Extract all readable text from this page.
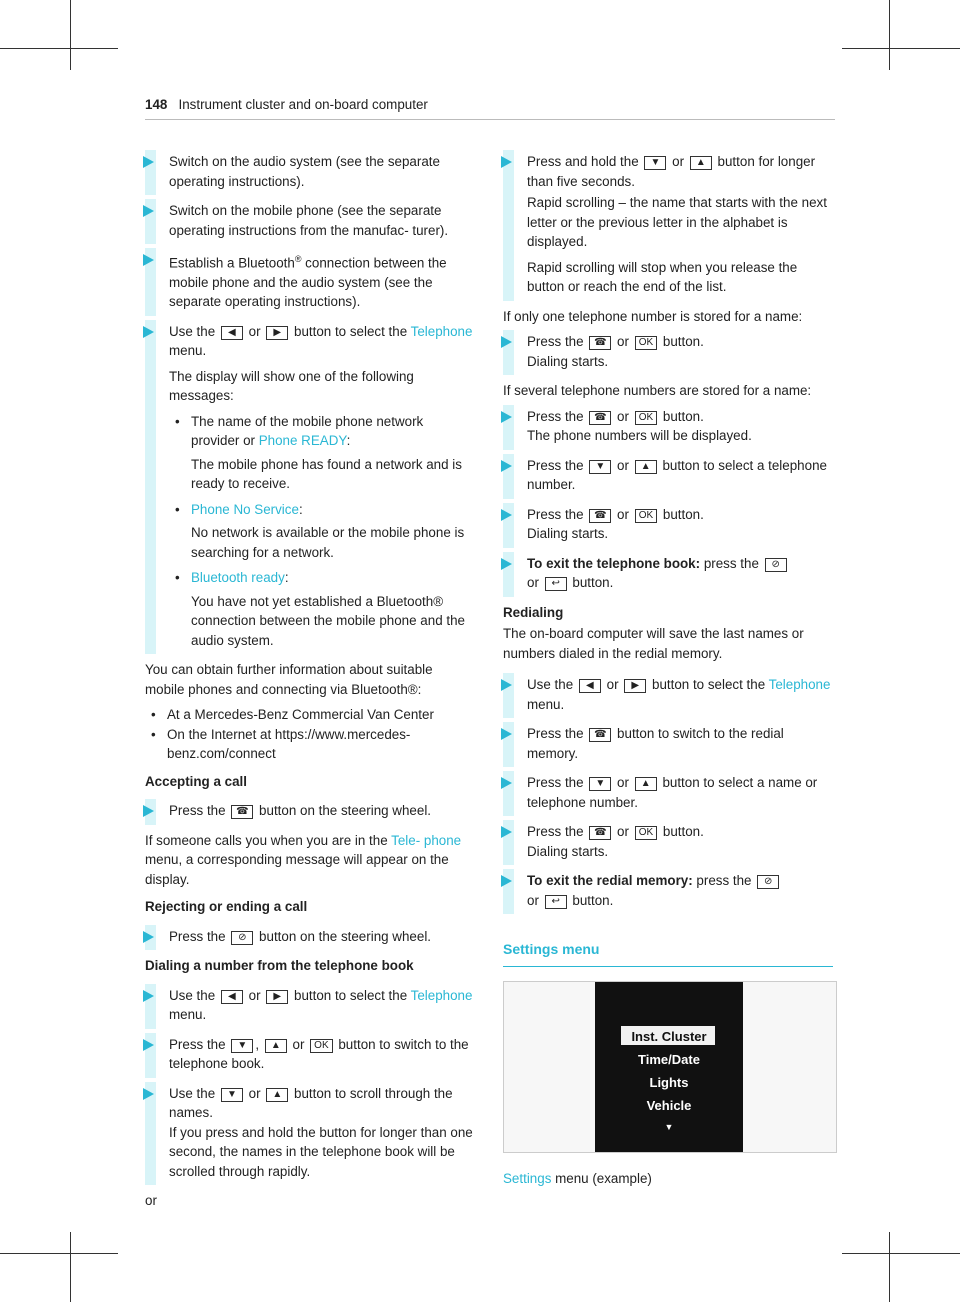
148 Instrument cluster and on-board computer
Switch on the audio system (see the separate operating instructions).
Switch on the mobile phone (see the separate operating instructions from the manufac- turer).
Establish a Bluetooth® connection between the mobile phone and the audio system (see the separate operating instructions).

Use the ◀ or ▶ button to select the Telephone menu.

The display will show one of the following messages:

• The name of the mobile phone network provider or Phone READY:

The mobile phone has found a network and is ready to receive.

• Phone No Service:

No network is available or the mobile phone is searching for a network.

• Bluetooth ready:

You have not yet established a Bluetooth® connection between the mobile phone and the audio system.

You can obtain further information about suitable mobile phones and connecting via Bluetooth®:

• At a Mercedes-Benz Commercial Van Center
• On the Internet at https://www.mercedes- benz.com/connect
Accepting a call
Press the ☎ button on the steering wheel.

If someone calls you when you are in the Tele- phone menu, a corresponding message will appear on the display.

Rejecting or ending a call
Press the ⊘ button on the steering wheel.
Dialing a number from the telephone book
Use the ◀ or ▶ button to select the Telephone menu.
Press the ▼ , ▲ or OK button to switch to the telephone book.
Use the ▼ or ▲ button to scroll through the names.
If you press and hold the button for longer than one second, the names in the telephone book will be scrolled through rapidly.

or

Press and hold the ▼ or ▲ button for longer than five seconds.

Rapid scrolling – the name that starts with the next letter or the previous letter in the alphabet is displayed.

Rapid scrolling will stop when you release the button or reach the end of the list.

If only one telephone number is stored for a name:

Press the ☎ or OK button.
Dialing starts.

If several telephone numbers are stored for a name:

Press the ☎ or OK button.
The phone numbers will be displayed.
Press the ▼ or ▲ button to select a telephone number.
Press the ☎ or OK button.
Dialing starts.
To exit the telephone book: press the ⊘
or ↩ button.
Redialing

The on-board computer will save the last names or numbers dialed in the redial memory.

Use the ◀ or ▶ button to select the Telephone menu.
Press the ☎ button to switch to the redial memory.
Press the ▼ or ▲ button to select a name or telephone number.
Press the ☎ or OK button.
Dialing starts.
To exit the redial memory: press the ⊘
or ↩ button.
Settings menu
Inst. Cluster
Time/Date
Lights
Vehicle
▼
Settings menu (example)
